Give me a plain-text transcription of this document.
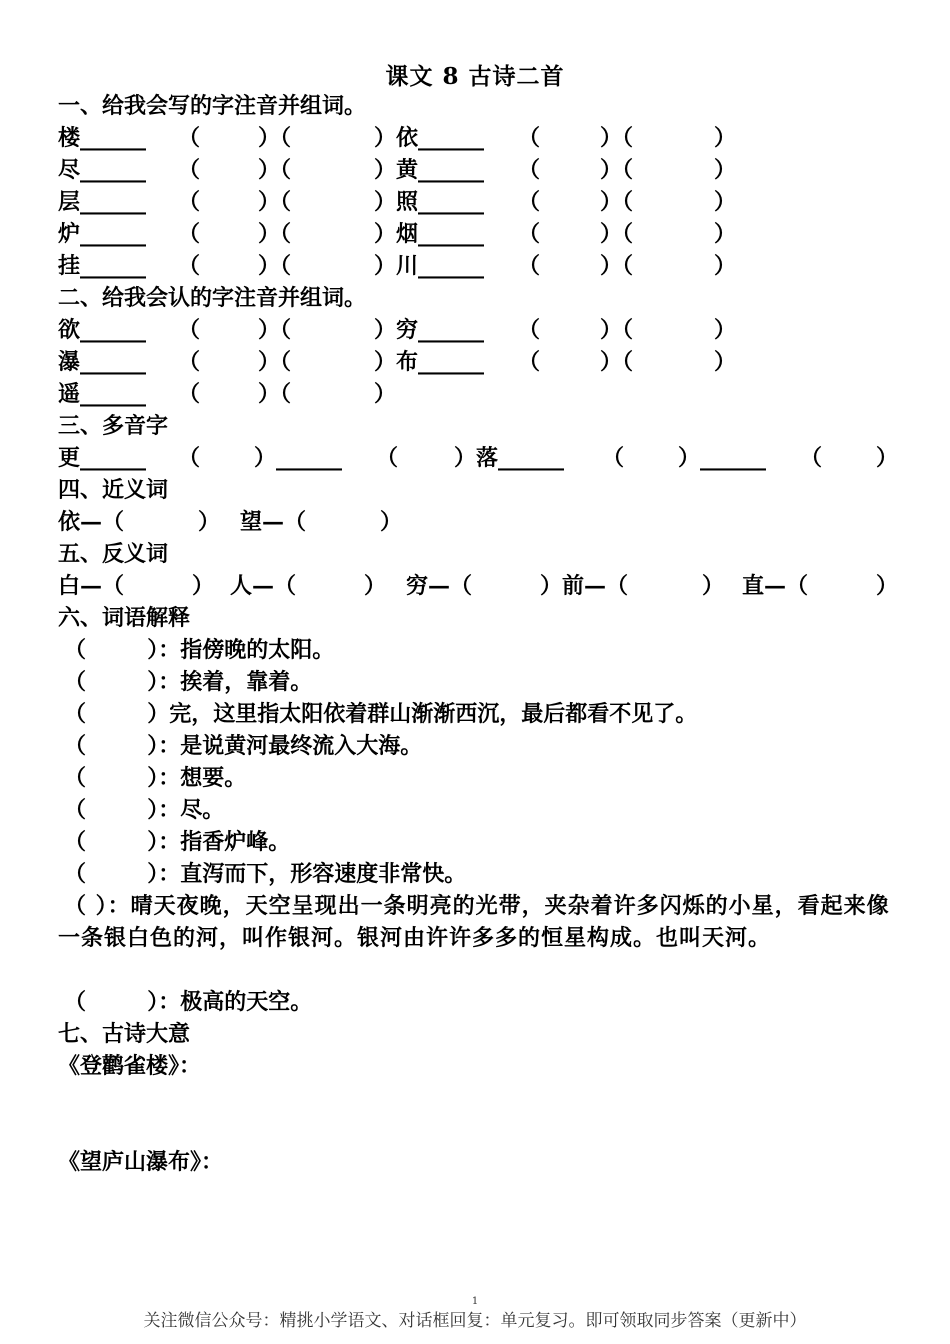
课文 8 古诗二首
一、给我会写的字注音并组词。
楼______ （	）（	）依______ （	）（	）
尽______ （	）（	）黄______ （	）（	）
层______ （	）（	）照______ （	）（	）
炉______ （	）（	）烟______ （	）（	）
挂______ （	）（	）川______ （	）（	）
二、给我会认的字注音并组词。
欲______ （	）（	）穷______ （	）（	）
瀑______ （	）（	）布______ （	）（	）
遥______ （	）（	）
三、多音字
更______ （ ）______ （	）落______ （ ）______ （ ）
四、近义词
依—（	） 望—（	）
五、反义词
白—（	） 人—（	） 穷—（	）前—（	） 直—（	）
六、词语解释
（        ）：指傍晚的太阳。
（        ）：挨着，靠着。
（        ）完，这里指太阳依着群山渐渐西沉，最后都看不见了。
（        ）：是说黄河最终流入大海。
（        ）：想要。
（        ）：尽。
（        ）：指香炉峰。
（        ）：直泻而下，形容速度非常快。
（ ）：晴天夜晚，天空呈现出一条明亮的光带，夹杂着许多闪烁的小星，看起来像一条银白色的河，叫作银河。银河由许许多多的恒星构成。也叫天河。
（        ）：极高的天空。
七、古诗大意
《登鹳雀楼》：
《望庐山瀑布》：
1
关注微信公众号：精挑小学语文、对话框回复：单元复习。即可领取同步答案（更新中）
